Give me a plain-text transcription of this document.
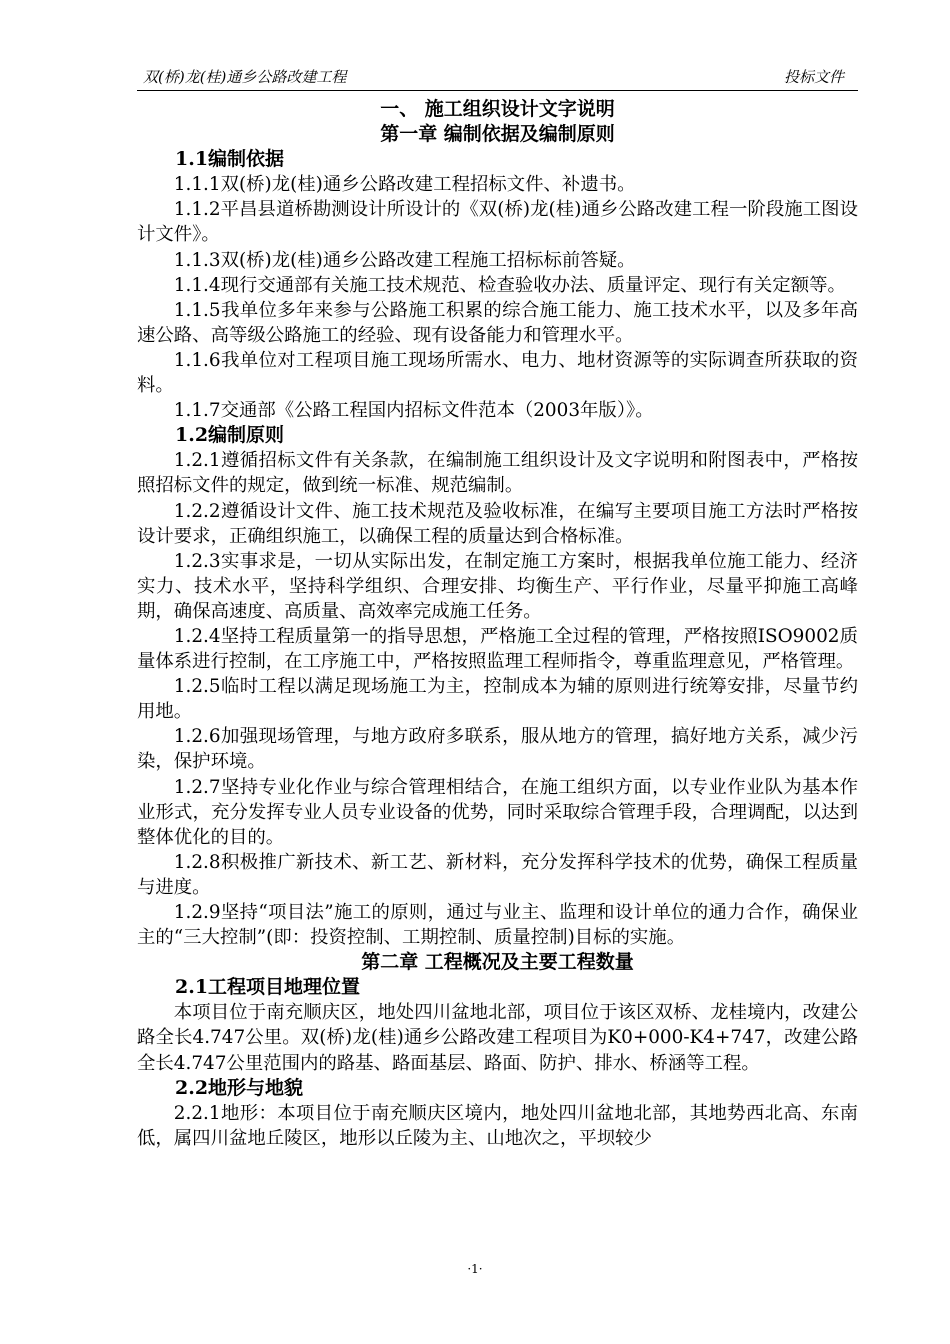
双(桥)龙(桂)通乡公路改建工程	投标文件

一、 施工组织设计文字说明

第一章 编制依据及编制原则

1.1编制依据

1.1.1双(桥)龙(桂)通乡公路改建工程招标文件、补遗书。

1.1.2平昌县道桥勘测设计所设计的《双(桥)龙(桂)通乡公路改建工程一阶段施工图设计文件》。

1.1.3双(桥)龙(桂)通乡公路改建工程施工招标标前答疑。

1.1.4现行交通部有关施工技术规范、检查验收办法、质量评定、现行有关定额等。

1.1.5我单位多年来参与公路施工积累的综合施工能力、施工技术水平，以及多年高速公路、高等级公路施工的经验、现有设备能力和管理水平。

1.1.6我单位对工程项目施工现场所需水、电力、地材资源等的实际调查所获取的资料。

1.1.7交通部《公路工程国内招标文件范本（2003年版）》。

1.2编制原则

1.2.1遵循招标文件有关条款，在编制施工组织设计及文字说明和附图表中，严格按照招标文件的规定，做到统一标准、规范编制。

1.2.2遵循设计文件、施工技术规范及验收标准，在编写主要项目施工方法时严格按设计要求，正确组织施工，以确保工程的质量达到合格标准。

1.2.3实事求是，一切从实际出发，在制定施工方案时，根据我单位施工能力、经济实力、技术水平，坚持科学组织、合理安排、均衡生产、平行作业，尽量平抑施工高峰期，确保高速度、高质量、高效率完成施工任务。

1.2.4坚持工程质量第一的指导思想，严格施工全过程的管理，严格按照ISO9002质量体系进行控制，在工序施工中，严格按照监理工程师指令，尊重监理意见，严格管理。

1.2.5临时工程以满足现场施工为主，控制成本为辅的原则进行统筹安排，尽量节约用地。

1.2.6加强现场管理，与地方政府多联系，服从地方的管理，搞好地方关系，减少污染，保护环境。

1.2.7坚持专业化作业与综合管理相结合，在施工组织方面，以专业作业队为基本作业形式，充分发挥专业人员专业设备的优势，同时采取综合管理手段，合理调配，以达到整体优化的目的。

1.2.8积极推广新技术、新工艺、新材料，充分发挥科学技术的优势，确保工程质量与进度。

1.2.9坚持“项目法”施工的原则，通过与业主、监理和设计单位的通力合作，确保业主的“三大控制”(即：投资控制、工期控制、质量控制)目标的实施。

第二章 工程概况及主要工程数量

2.1工程项目地理位置

本项目位于南充顺庆区，地处四川盆地北部，项目位于该区双桥、龙桂境内，改建公路全长4.747公里。双(桥)龙(桂)通乡公路改建工程项目为K0+000-K4+747，改建公路全长4.747公里范围内的路基、路面基层、路面、防护、排水、桥涵等工程。

2.2地形与地貌

2.2.1地形：本项目位于南充顺庆区境内，地处四川盆地北部，其地势西北高、东南低，属四川盆地丘陵区，地形以丘陵为主、山地次之，平坝较少

·1·
